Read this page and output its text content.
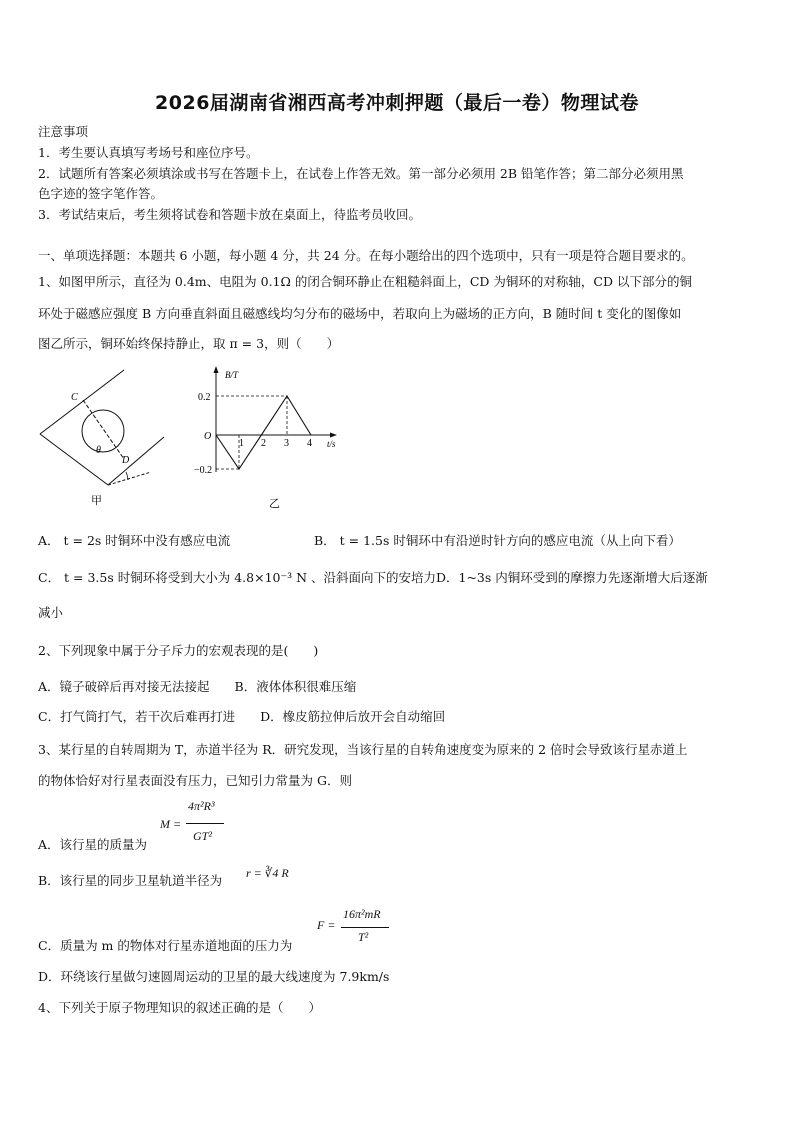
2026届湖南省湘西高考冲刺押题（最后一卷）物理试卷
注意事项
1．考生要认真填写考场号和座位序号。
2．试题所有答案必须填涂或书写在答题卡上，在试卷上作答无效。第一部分必须用 2B 铅笔作答；第二部分必须用黑
色字迹的签字笔作答。
3．考试结束后，考生须将试卷和答题卡放在桌面上，待监考员收回。
一、单项选择题：本题共 6 小题，每小题 4 分，共 24 分。在每小题给出的四个选项中，只有一项是符合题目要求的。
1、如图甲所示，直径为 0.4m、电阻为 0.1Ω 的闭合铜环静止在粗糙斜面上，CD 为铜环的对称轴，CD 以下部分的铜
环处于磁感应强度 B 方向垂直斜面且磁感线均匀分布的磁场中，若取向上为磁场的正方向，B 随时间 t 变化的图像如
图乙所示，铜环始终保持静止，取 π = 3，则（　　）
C
D
θ
甲
B/T
t/s
O
0.2
−0.2
1 2 3 4
乙
A． t = 2s 时铜环中没有感应电流	B． t = 1.5s 时铜环中有沿逆时针方向的感应电流（从上向下看）
C． t = 3.5s 时铜环将受到大小为 4.8×10⁻³ N 、沿斜面向下的安培力D．1~3s 内铜环受到的摩擦力先逐渐增大后逐渐
减小
2、下列现象中属于分子斥力的宏观表现的是(　　)
A．镜子破碎后再对接无法接起　　B．液体体积很难压缩
C．打气筒打气，若干次后难再打进　　D．橡皮筋拉伸后放开会自动缩回
3、某行星的自转周期为 T，赤道半径为 R．研究发现，当该行星的自转角速度变为原来的 2 倍时会导致该行星赤道上
的物体恰好对行星表面没有压力，已知引力常量为 G．则
A．该行星的质量为
M =
4π²R³
GT²
B．该行星的同步卫星轨道半径为 r = ∛4 R
C．质量为 m 的物体对行星赤道地面的压力为
F =
16π²mR
T²
D．环绕该行星做匀速圆周运动的卫星的最大线速度为 7.9km/s
4、下列关于原子物理知识的叙述正确的是（　　）
